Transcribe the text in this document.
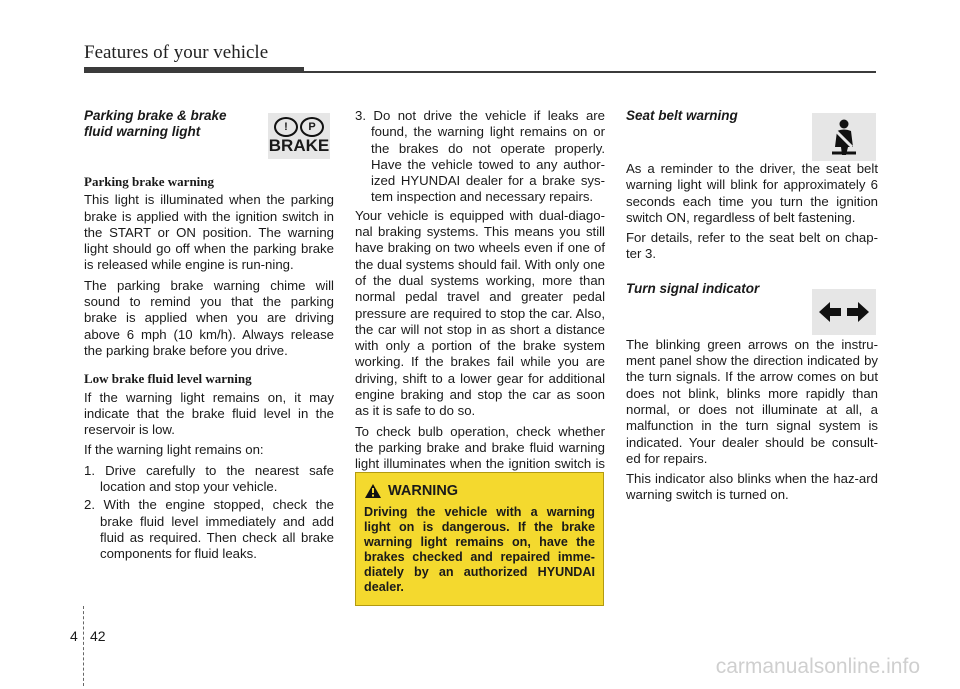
Features of your vehicle
Parking brake & brake
fluid warning light
Parking brake warning

This light is illuminated when the parking brake is applied with the ignition switch in the START or ON position. The warning light should go off when the parking brake is released while engine is run-ning.

The parking brake warning chime will sound to remind you that the parking brake is applied when you are driving above 6 mph (10 km/h). Always release the parking brake before you drive.

Low brake fluid level warning

If the warning light remains on, it may indicate that the brake fluid level in the reservoir is low.

If the warning light remains on:

1. Drive carefully to the nearest safe location and stop your vehicle.
2. With the engine stopped, check the brake fluid level immediately and add fluid as required. Then check all brake components for fluid leaks.
!	P
BRAKE
3. Do not drive the vehicle if leaks are found, the warning light remains on or the brakes do not operate properly. Have the vehicle towed to any author-ized HYUNDAI dealer for a brake sys-tem inspection and necessary repairs.

Your vehicle is equipped with dual-diago-nal braking systems. This means you still have braking on two wheels even if one of the dual systems should fail. With only one of the dual systems working, more than normal pedal travel and greater pedal pressure are required to stop the car. Also, the car will not stop in as short a distance with only a portion of the brake system working. If the brakes fail while you are driving, shift to a lower gear for additional engine braking and stop the car as soon as it is safe to do so.

To check bulb operation, check whether the parking brake and brake fluid warning light illuminates when the ignition switch is

WARNING
Driving the vehicle with a warning light on is dangerous. If the brake warning light remains on, have the brakes checked and repaired imme-diately by an authorized HYUNDAI dealer.
Seat belt warning

As a reminder to the driver, the seat belt warning light will blink for approximately 6 seconds each time you turn the ignition switch ON, regardless of belt fastening.

For details, refer to the seat belt on chap-ter 3.

Turn signal indicator

The blinking green arrows on the instru-ment panel show the direction indicated by the turn signals. If the arrow comes on but does not blink, blinks more rapidly than normal, or does not illuminate at all, a malfunction in the turn signal system is indicated. Your dealer should be consult-ed for repairs.

This indicator also blinks when the haz-ard warning switch is turned on.

4 42
carmanualsonline.info
